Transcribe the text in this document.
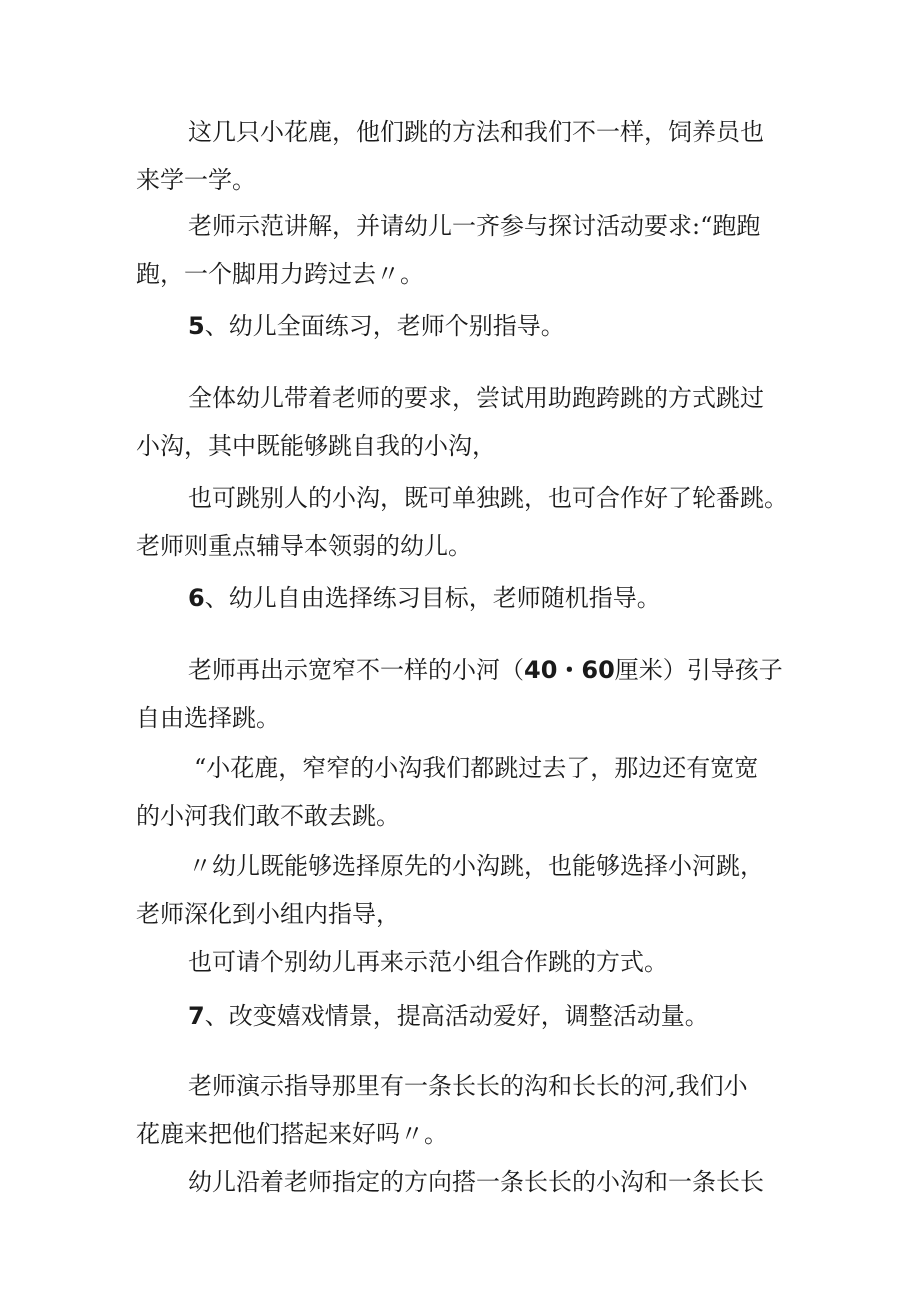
这几只小花鹿，他们跳的方法和我们不一样，饲养员也
来学一学。
老师示范讲解，并请幼儿一齐参与探讨活动要求:“跑跑
跑，一个脚用力跨过去〃。
5、幼儿全面练习，老师个别指导。
全体幼儿带着老师的要求，尝试用助跑跨跳的方式跳过
小沟，其中既能够跳自我的小沟，
也可跳别人的小沟，既可单独跳，也可合作好了轮番跳。
老师则重点辅导本领弱的幼儿。
6、幼儿自由选择练习目标，老师随机指导。
老师再出示宽窄不一样的小河（40・60厘米）引导孩子
自由选择跳。
“小花鹿，窄窄的小沟我们都跳过去了，那边还有宽宽
的小河我们敢不敢去跳。
〃幼儿既能够选择原先的小沟跳，也能够选择小河跳，
老师深化到小组内指导，
也可请个别幼儿再来示范小组合作跳的方式。
7、改变嬉戏情景，提高活动爱好，调整活动量。
老师演示指导那里有一条长长的沟和长长的河,我们小
花鹿来把他们搭起来好吗〃。
幼儿沿着老师指定的方向搭一条长长的小沟和一条长长
